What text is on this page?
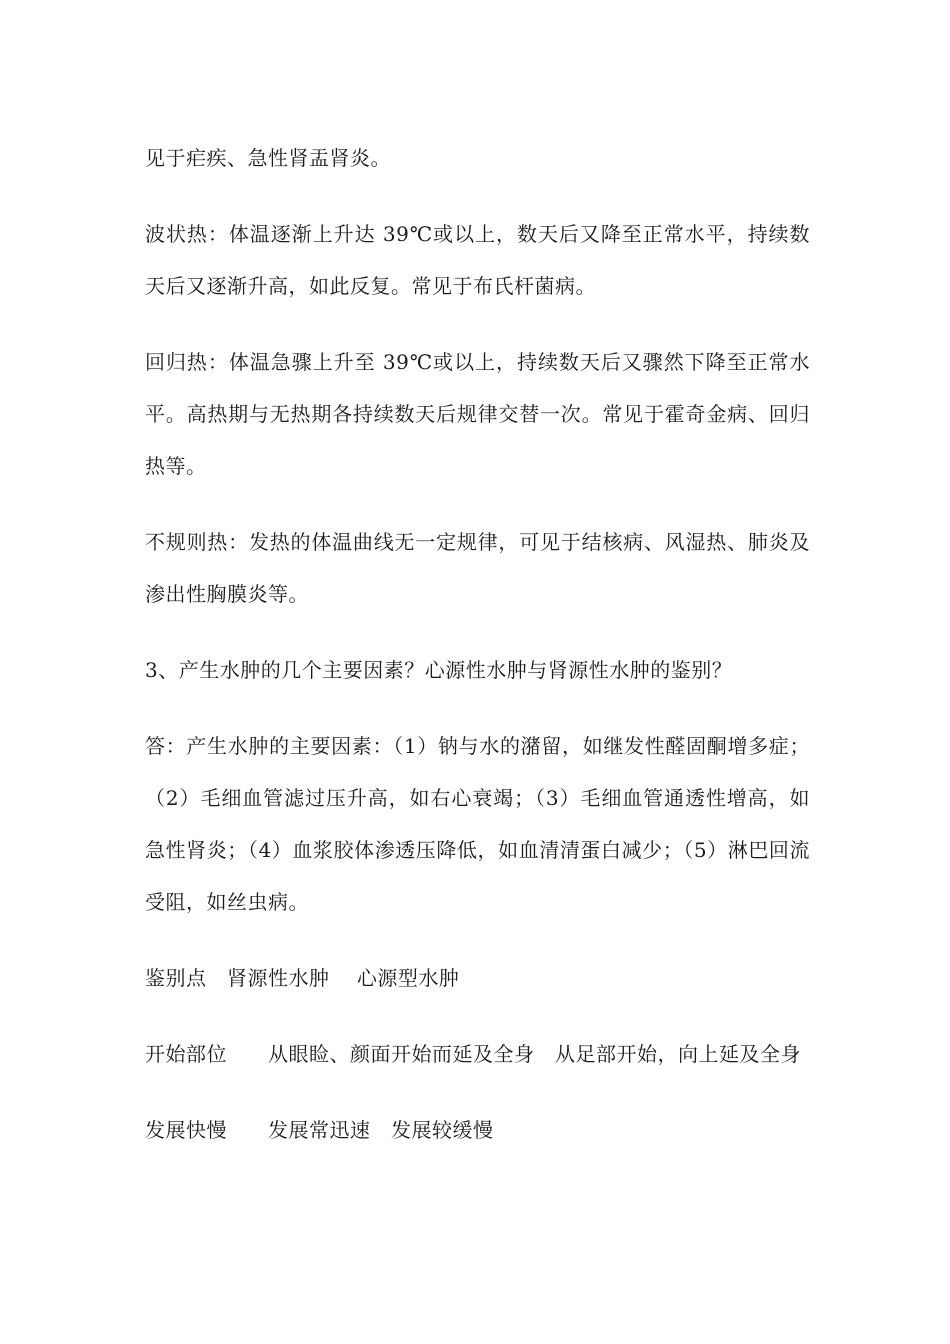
见于疟疾、急性肾盂肾炎。

波状热：体温逐渐上升达 39℃或以上，数天后又降至正常水平，持续数天后又逐渐升高，如此反复。常见于布氏杆菌病。

回归热：体温急骤上升至 39℃或以上，持续数天后又骤然下降至正常水平。高热期与无热期各持续数天后规律交替一次。常见于霍奇金病、回归热等。

不规则热：发热的体温曲线无一定规律，可见于结核病、风湿热、肺炎及渗出性胸膜炎等。

3、产生水肿的几个主要因素？心源性水肿与肾源性水肿的鉴别？

答：产生水肿的主要因素：（1）钠与水的潴留，如继发性醛固酮增多症；（2）毛细血管滤过压升高，如右心衰竭；（3）毛细血管通透性增高，如急性肾炎；（4）血浆胶体渗透压降低，如血清清蛋白减少；（5）淋巴回流受阻，如丝虫病。

鉴别点　肾源性水肿　 心源型水肿

开始部位　　从眼睑、颜面开始而延及全身　从足部开始，向上延及全身

发展快慢　　发展常迅速　发展较缓慢
